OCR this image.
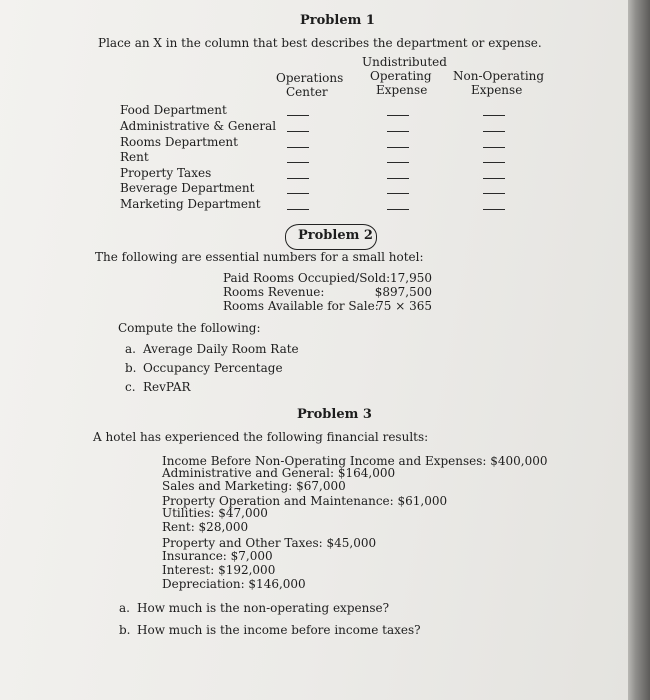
Problem 1
Place an X in the column that best describes the department or expense.
Undistributed
Operations
Center
Operating
Expense
Non-Operating
Expense
Food Department
Administrative & General
Rooms Department
Rent
Property Taxes
Beverage Department
Marketing Department
Problem 2
The following are essential numbers for a small hotel:
Paid Rooms Occupied/Sold: 17,950
Rooms Revenue:	$897,500
Rooms Available for Sale:
75 × 365
Compute the following:
a. Average Daily Room Rate
b. Occupancy Percentage
c. RevPAR
Problem 3
A hotel has experienced the following financial results:
Income Before Non-Operating Income and Expenses: $400,000
Administrative and General: $164,000
Sales and Marketing: $67,000
Property Operation and Maintenance: $61,000
Utilities: $47,000
Rent: $28,000
Property and Other Taxes: $45,000
Insurance: $7,000
Interest: $192,000
Depreciation: $146,000
a. How much is the non-operating expense?
b. How much is the income before income taxes?
